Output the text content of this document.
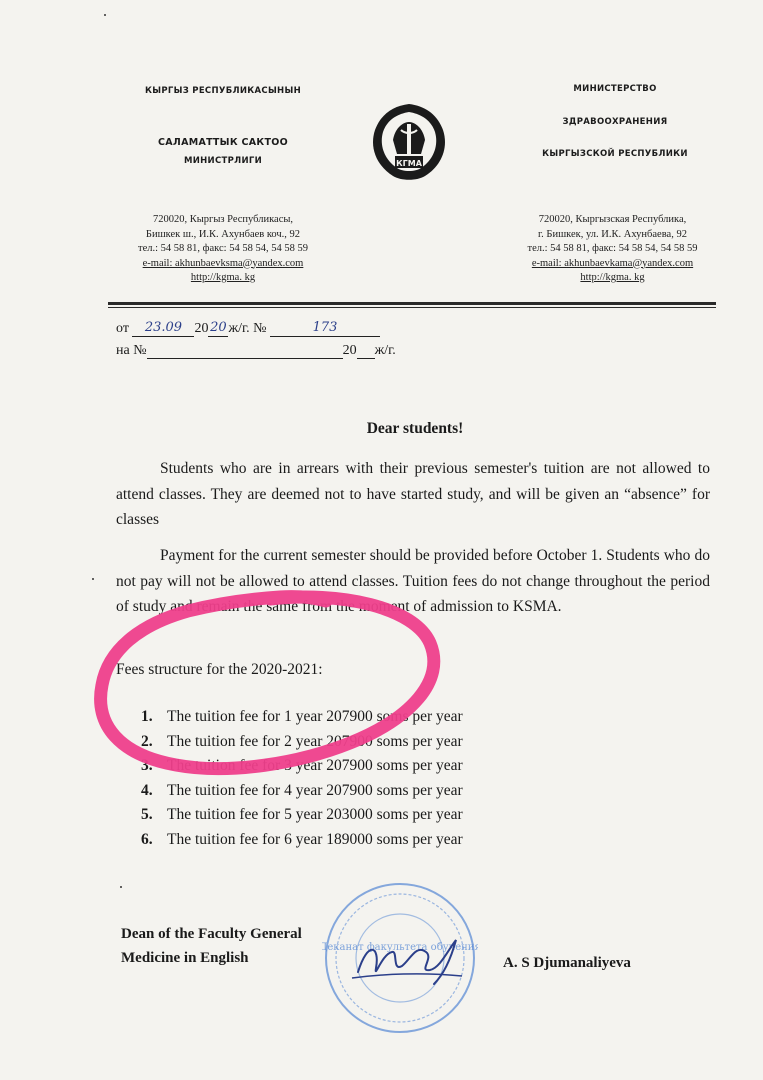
КЫРГЫЗ РЕСПУБЛИКАСЫНЫН
САЛАМАТТЫК САКТОО
МИНИСТРЛИГИ
МИНИСТЕРСТВО
ЗДРАВООХРАНЕНИЯ
КЫРГЫЗСКОЙ РЕСПУБЛИКИ
КГМА
720020, Кыргыз Республикасы,
Бишкек ш., И.К. Ахунбаев коч., 92
тел.: 54 58 81, факс: 54 58 54, 54 58 59
e-mail: akhunbaevksma@yandex.com
http://kgma. kg
720020, Кыргызская Республика,
г. Бишкек, ул. И.К. Ахунбаева, 92
тел.: 54 58 81, факс: 54 58 54, 54 58 59
e-mail: akhunbaevkama@yandex.com
http://kgma. kg
от 23.09 20 20 ж/г. №	173
на №	20 ж/г.
Dear students!
Students who are in arrears with their previous semester's tuition are not allowed to attend classes. They are deemed not to have started study, and will be given an “absence” for classes
Payment for the current semester should be provided before October 1. Students who do not pay will not be allowed to attend classes. Tuition fees do not change throughout the period of study and remain the same from the moment of admission to KSMA.
Fees structure for the 2020-2021:
1. The tuition fee for 1 year 207900 soms per year
2. The tuition fee for 2 year 207900 soms per year
3. The tuition fee for 3 year 207900 soms per year
4. The tuition fee for 4 year 207900 soms per year
5. The tuition fee for 5 year 203000 soms per year
6. The tuition fee for 6 year 189000 soms per year
Dean of the Faculty General
Medicine in English	A. S Djumanaliyeva
Деканат факультета обучения
